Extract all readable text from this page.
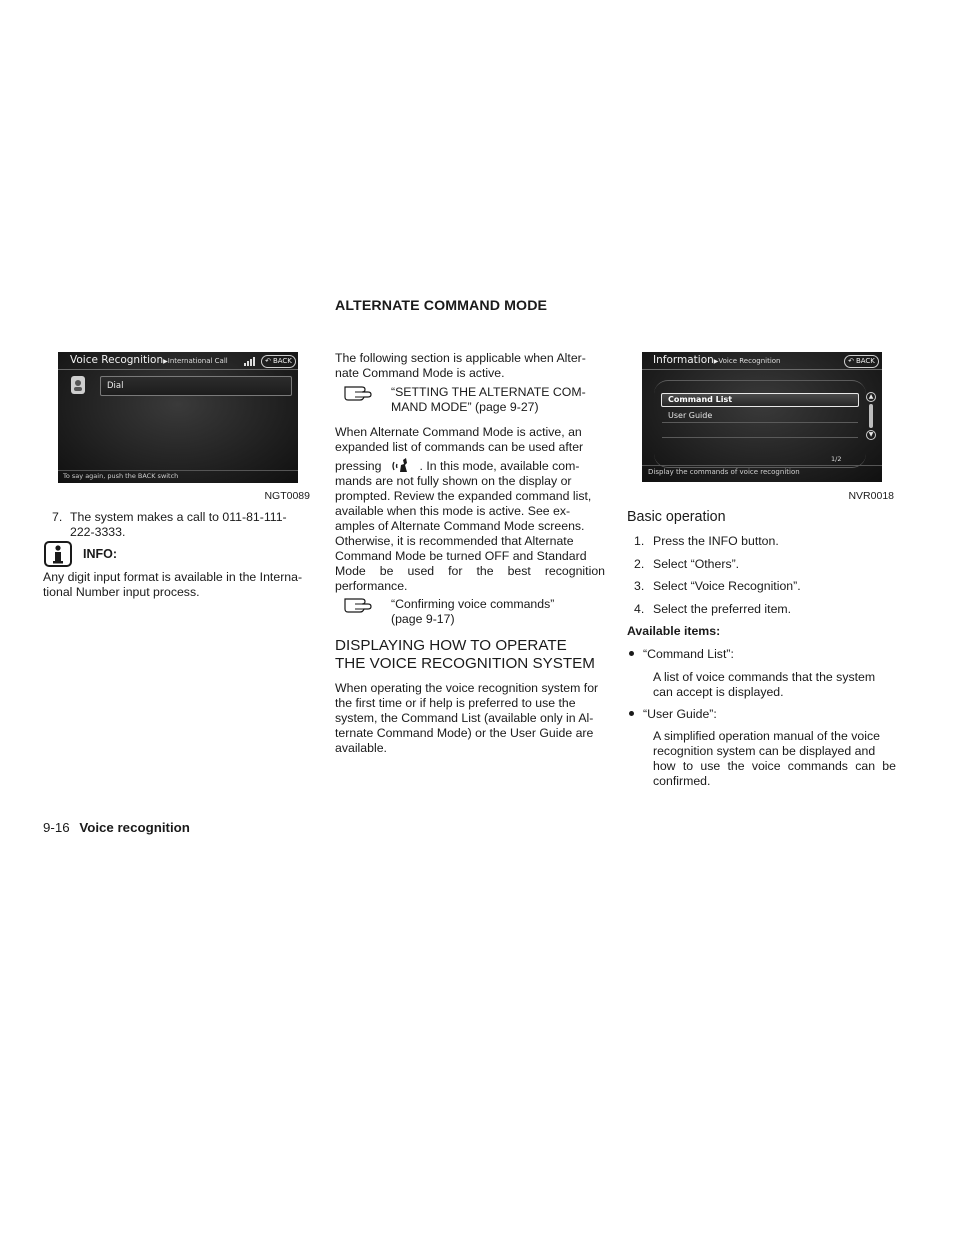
Voice Recognition▶International Call	↶ BACK
Dial
To say again, push the BACK switch
NGT0089
7. The system makes a call to 011-81-111-
222-3333.
INFO:
Any digit input format is available in the Interna-
tional Number input process.
ALTERNATE COMMAND MODE
The following section is applicable when Alter-
nate Command Mode is active.
“SETTING THE ALTERNATE COM-
MAND MODE” (page 9-27)
When Alternate Command Mode is active, an
expanded list of commands can be used after
pressing	. In this mode, available com-
mands are not fully shown on the display or
prompted. Review the expanded command list,
available when this mode is active. See ex-
amples of Alternate Command Mode screens.
Otherwise, it is recommended that Alternate
Command Mode be turned OFF and Standard
Mode be used for the best recognition
performance.
“Confirming voice commands”
(page 9-17)
DISPLAYING HOW TO OPERATE
THE VOICE RECOGNITION SYSTEM
When operating the voice recognition system for
the first time or if help is preferred to use the
system, the Command List (available only in Al-
ternate Command Mode) or the User Guide are
available.
Information▶Voice Recognition	↶ BACK
Command List
User Guide
▲
▼
1/2
Display the commands of voice recognition
NVR0018
Basic operation
1. Press the INFO button.
2. Select “Others”.
3. Select “Voice Recognition”.
4. Select the preferred item.
Available items:
“Command List”:
A list of voice commands that the system
can accept is displayed.
“User Guide”:
A simplified operation manual of the voice
recognition system can be displayed and
how to use the voice commands can be
confirmed.
9-16 Voice recognition
